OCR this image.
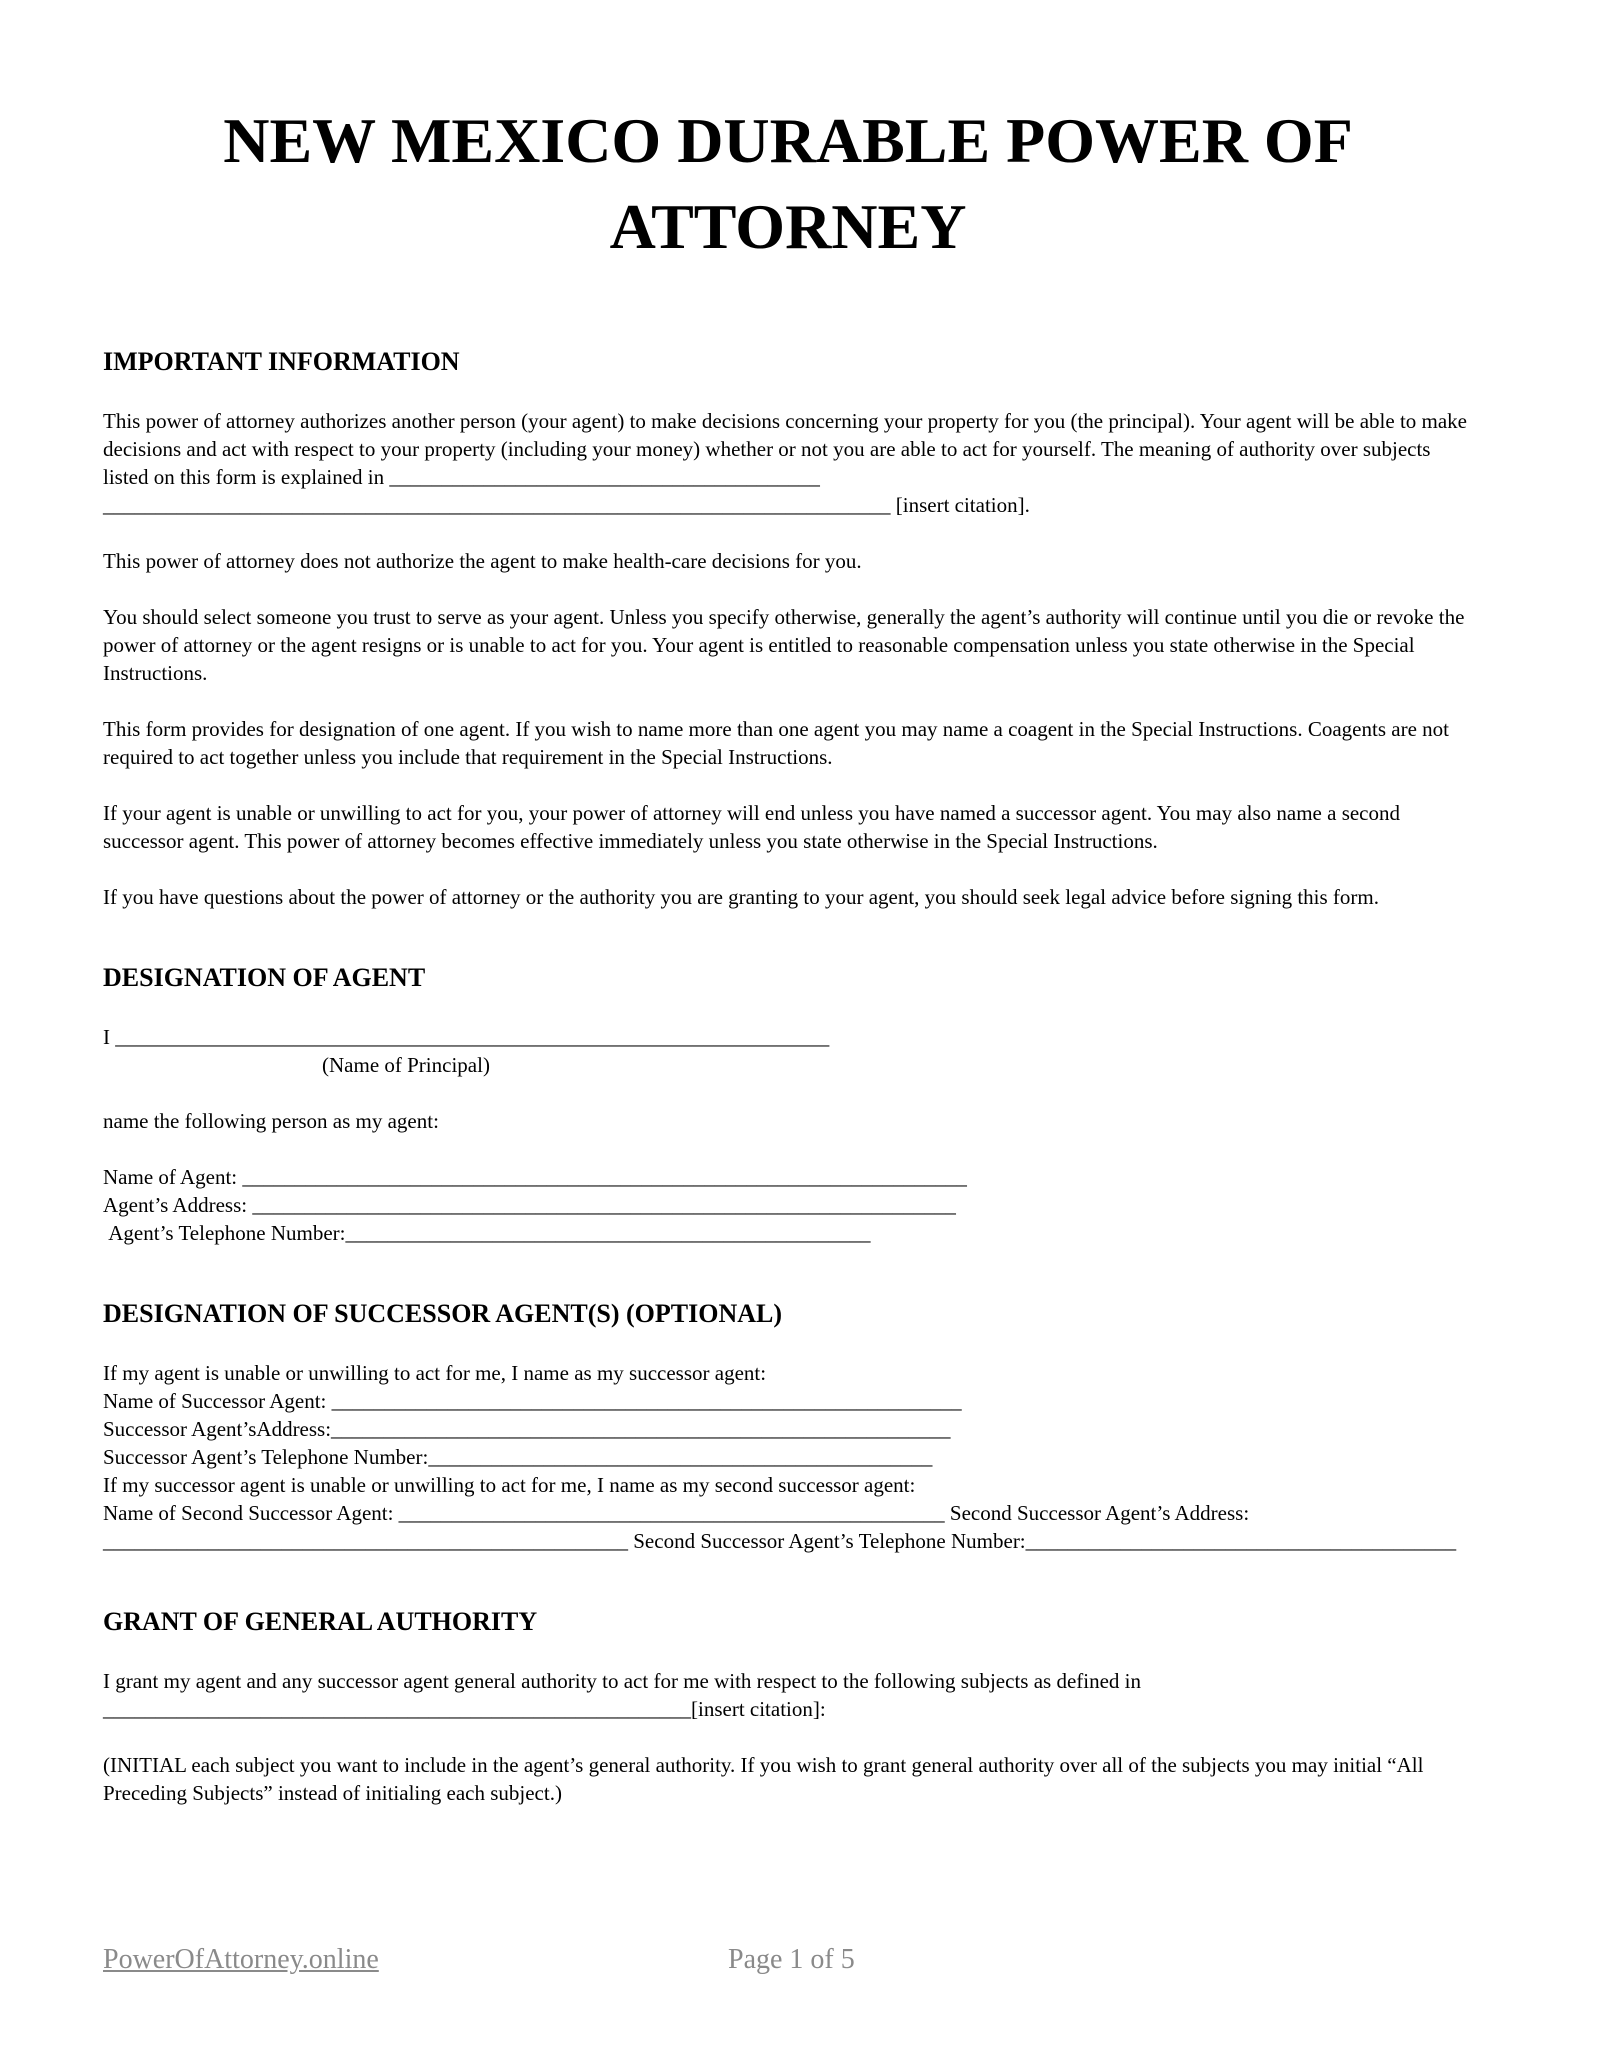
NEW MEXICO DURABLE POWER OF ATTORNEY
IMPORTANT INFORMATION

This power of attorney authorizes another person (your agent) to make decisions concerning your property for you (the principal). Your agent will be able to make decisions and act with respect to your property (including your money) whether or not you are able to act for yourself. The meaning of authority over subjects listed on this form is explained in _________________________________________ ___________________________________________________________________________ [insert citation].

This power of attorney does not authorize the agent to make health-care decisions for you.

You should select someone you trust to serve as your agent. Unless you specify otherwise, generally the agent’s authority will continue until you die or revoke the power of attorney or the agent resigns or is unable to act for you. Your agent is entitled to reasonable compensation unless you state otherwise in the Special Instructions.

This form provides for designation of one agent. If you wish to name more than one agent you may name a coagent in the Special Instructions. Coagents are not required to act together unless you include that requirement in the Special Instructions.

If your agent is unable or unwilling to act for you, your power of attorney will end unless you have named a successor agent. You may also name a second successor agent. This power of attorney becomes effective immediately unless you state otherwise in the Special Instructions.

If you have questions about the power of attorney or the authority you are granting to your agent, you should seek legal advice before signing this form.

DESIGNATION OF AGENT

I ____________________________________________________________________

(Name of Principal)

name the following person as my agent:

Name of Agent: _____________________________________________________________________

Agent’s Address: ___________________________________________________________________

Agent’s Telephone Number:__________________________________________________

DESIGNATION OF SUCCESSOR AGENT(S) (OPTIONAL)

If my agent is unable or unwilling to act for me, I name as my successor agent:

Name of Successor Agent: ____________________________________________________________

Successor Agent’sAddress:___________________________________________________________

Successor Agent’s Telephone Number:________________________________________________

If my successor agent is unable or unwilling to act for me, I name as my second successor agent:

Name of Second Successor Agent: ____________________________________________________ Second Successor Agent’s Address: __________________________________________________ Second Successor Agent’s Telephone Number:_________________________________________

GRANT OF GENERAL AUTHORITY

I grant my agent and any successor agent general authority to act for me with respect to the following subjects as defined in ________________________________________________________[insert citation]:

(INITIAL each subject you want to include in the agent’s general authority. If you wish to grant general authority over all of the subjects you may initial “All Preceding Subjects” instead of initialing each subject.)

PowerOfAttorney.online	Page 1 of 5
